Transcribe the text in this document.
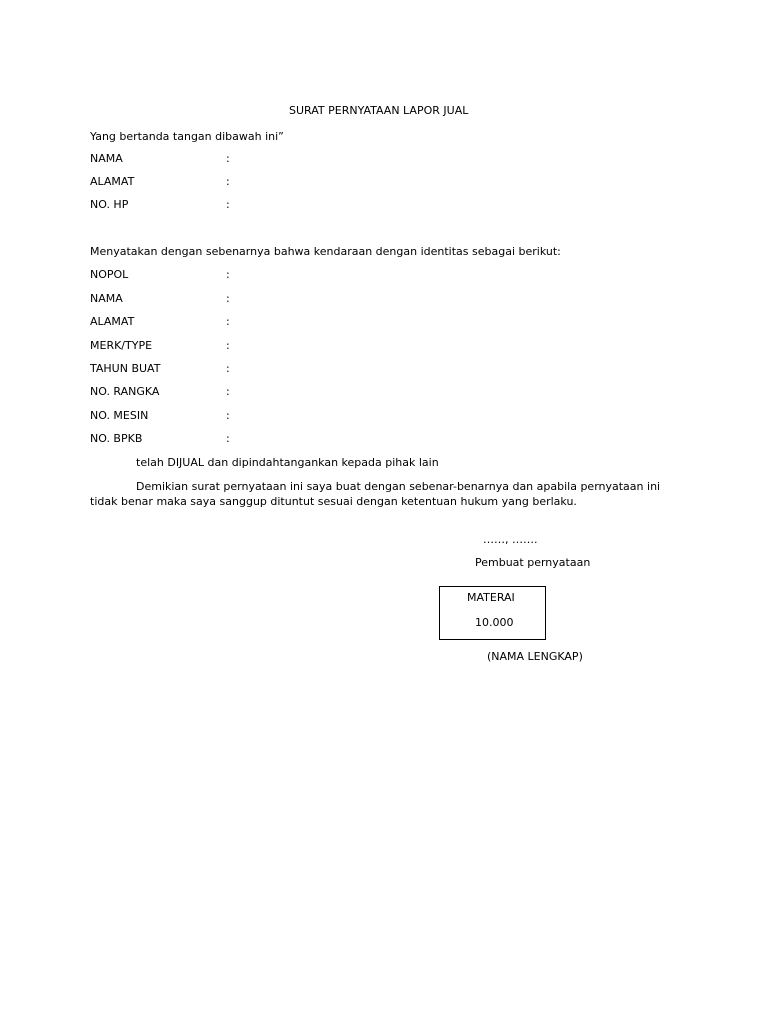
SURAT PERNYATAAN LAPOR JUAL
Yang bertanda tangan dibawah ini”
NAMA	:
ALAMAT	:
NO. HP	:
Menyatakan dengan sebenarnya bahwa kendaraan dengan identitas sebagai berikut:
NOPOL	:
NAMA	:
ALAMAT	:
MERK/TYPE	:
TAHUN BUAT	:
NO. RANGKA	:
NO. MESIN	:
NO. BPKB	:
telah DIJUAL dan dipindahtangankan kepada pihak lain
Demikian surat pernyataan ini saya buat dengan sebenar-benarnya dan apabila pernyataan ini
tidak benar maka saya sanggup dituntut sesuai dengan ketentuan hukum yang berlaku.
……, …….
Pembuat pernyataan
MATERAI
10.000
(NAMA LENGKAP)
